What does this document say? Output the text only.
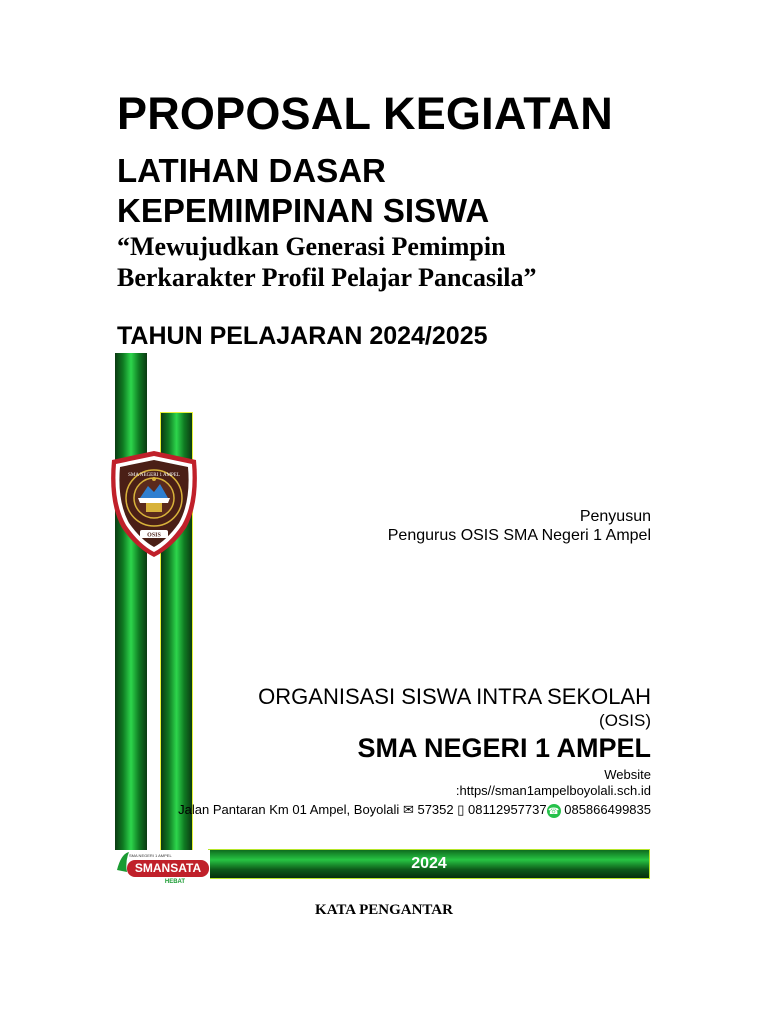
PROPOSAL KEGIATAN
LATIHAN DASAR
KEPEMIMPINAN SISWA
“Mewujudkan Generasi Pemimpin
Berkarakter Profil Pelajar Pancasila”
TAHUN PELAJARAN 2024/2025
SMA NEGERI 1 AMPEL
OSIS
Penyusun
Pengurus OSIS SMA Negeri 1 Ampel
ORGANISASI SISWA INTRA SEKOLAH
(OSIS)
SMA NEGERI 1 AMPEL
Website
:https//sman1ampelboyolali.sch.id
Jalan Pantaran Km 01 Ampel, Boyolali ✉ 57352 ▯ 08112957737☎ 085866499835
2024
SMA NEGERI 1 AMPEL
SMANSATA
HEBAT
KATA PENGANTAR
